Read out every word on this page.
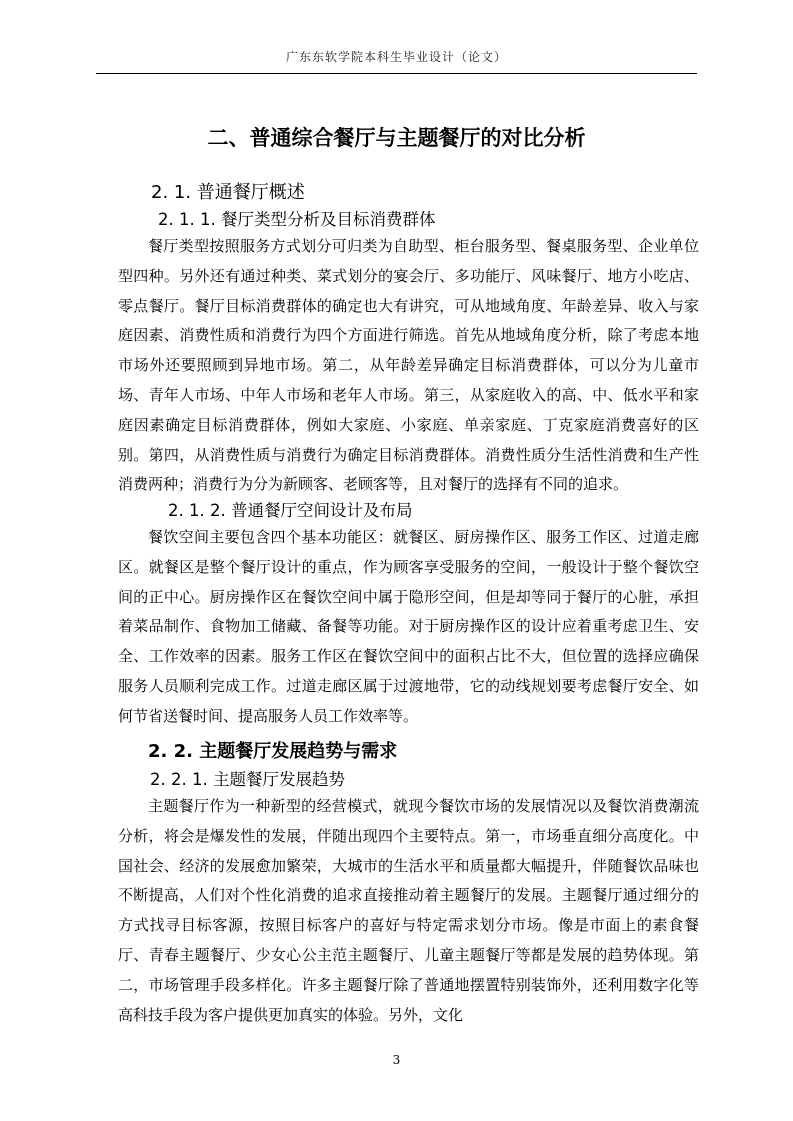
广东东软学院本科生毕业设计（论文）
二、普通综合餐厅与主题餐厅的对比分析
2. 1. 普通餐厅概述
2. 1. 1. 餐厅类型分析及目标消费群体

餐厅类型按照服务方式划分可归类为自助型、柜台服务型、餐桌服务型、企业单位型四种。另外还有通过种类、菜式划分的宴会厅、多功能厅、风味餐厅、地方小吃店、零点餐厅。餐厅目标消费群体的确定也大有讲究，可从地域角度、年龄差异、收入与家庭因素、消费性质和消费行为四个方面进行筛选。首先从地域角度分析，除了考虑本地市场外还要照顾到异地市场。第二，从年龄差异确定目标消费群体，可以分为儿童市场、青年人市场、中年人市场和老年人市场。第三，从家庭收入的高、中、低水平和家庭因素确定目标消费群体，例如大家庭、小家庭、单亲家庭、丁克家庭消费喜好的区别。第四，从消费性质与消费行为确定目标消费群体。消费性质分生活性消费和生产性消费两种；消费行为分为新顾客、老顾客等，且对餐厅的选择有不同的追求。

2. 1. 2. 普通餐厅空间设计及布局

餐饮空间主要包含四个基本功能区：就餐区、厨房操作区、服务工作区、过道走廊区。就餐区是整个餐厅设计的重点，作为顾客享受服务的空间，一般设计于整个餐饮空间的正中心。厨房操作区在餐饮空间中属于隐形空间，但是却等同于餐厅的心脏，承担着菜品制作、食物加工储藏、备餐等功能。对于厨房操作区的设计应着重考虑卫生、安全、工作效率的因素。服务工作区在餐饮空间中的面积占比不大，但位置的选择应确保服务人员顺利完成工作。过道走廊区属于过渡地带，它的动线规划要考虑餐厅安全、如何节省送餐时间、提高服务人员工作效率等。

2. 2. 主题餐厅发展趋势与需求
2. 2. 1. 主题餐厅发展趋势

主题餐厅作为一种新型的经营模式，就现今餐饮市场的发展情况以及餐饮消费潮流分析，将会是爆发性的发展，伴随出现四个主要特点。第一，市场垂直细分高度化。中国社会、经济的发展愈加繁荣，大城市的生活水平和质量都大幅提升，伴随餐饮品味也不断提高，人们对个性化消费的追求直接推动着主题餐厅的发展。主题餐厅通过细分的方式找寻目标客源，按照目标客户的喜好与特定需求划分市场。像是市面上的素食餐厅、青春主题餐厅、少女心公主范主题餐厅、儿童主题餐厅等都是发展的趋势体现。第二，市场管理手段多样化。许多主题餐厅除了普通地摆置特别装饰外，还利用数字化等高科技手段为客户提供更加真实的体验。另外，文化

3
